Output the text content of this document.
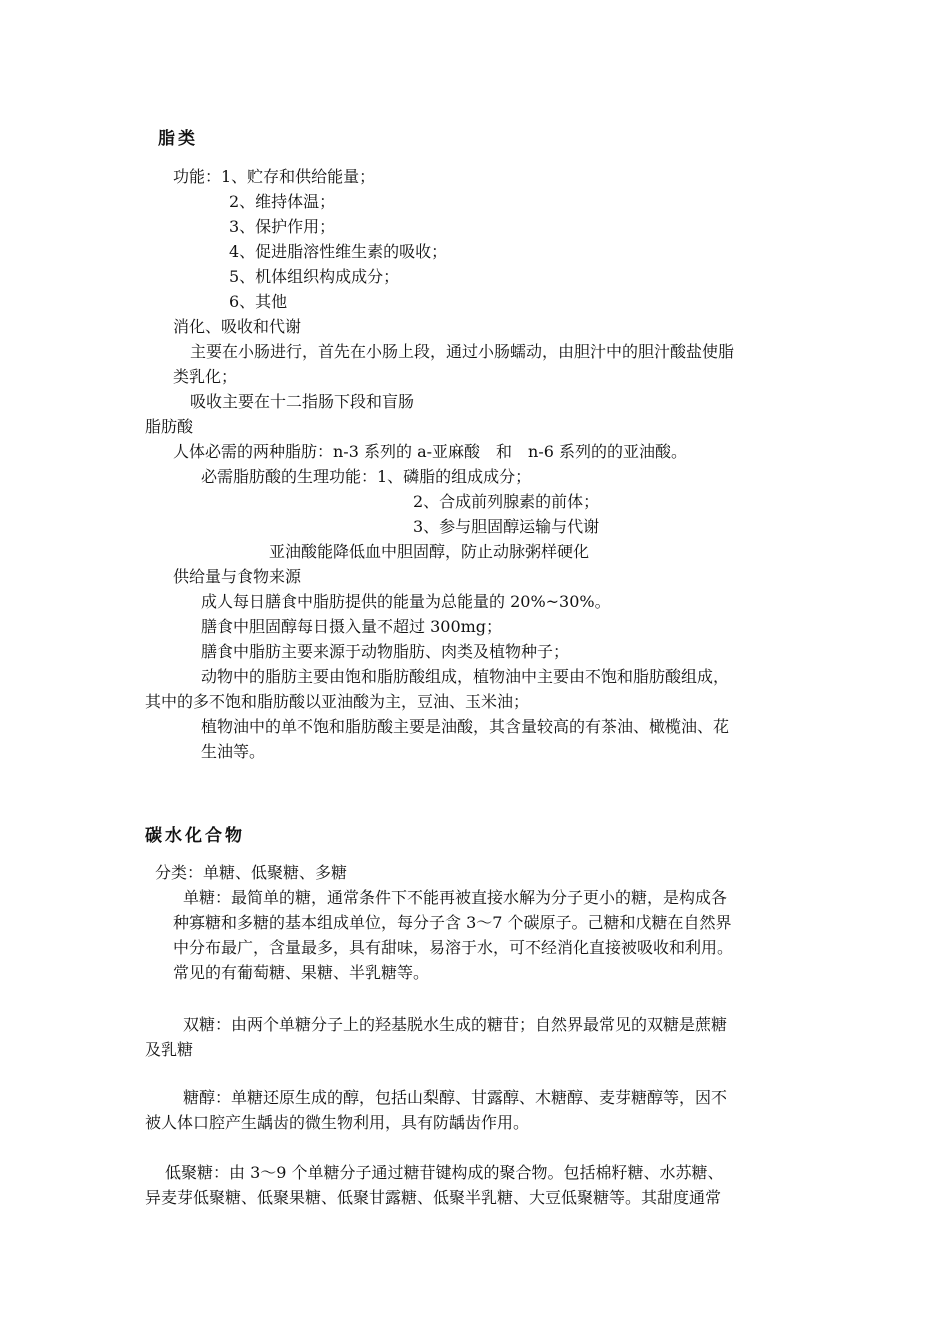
脂类
功能：1、贮存和供给能量；
2、维持体温；
3、保护作用；
4、促进脂溶性维生素的吸收；
5、机体组织构成成分；
6、其他
消化、吸收和代谢
主要在小肠进行，首先在小肠上段，通过小肠蠕动，由胆汁中的胆汁酸盐使脂
类乳化；
吸收主要在十二指肠下段和盲肠
脂肪酸
人体必需的两种脂肪：n-3 系列的 a-亚麻酸　和　n-6 系列的的亚油酸。
必需脂肪酸的生理功能：1、磷脂的组成成分；
2、合成前列腺素的前体；
3、参与胆固醇运输与代谢
亚油酸能降低血中胆固醇，防止动脉粥样硬化
供给量与食物来源
成人每日膳食中脂肪提供的能量为总能量的 20%~30%。
膳食中胆固醇每日摄入量不超过 300mg；
膳食中脂肪主要来源于动物脂肪、肉类及植物种子；
动物中的脂肪主要由饱和脂肪酸组成，植物油中主要由不饱和脂肪酸组成，
其中的多不饱和脂肪酸以亚油酸为主，豆油、玉米油；
植物油中的单不饱和脂肪酸主要是油酸，其含量较高的有茶油、橄榄油、花
生油等。
碳水化合物
分类：单糖、低聚糖、多糖
单糖：最简单的糖，通常条件下不能再被直接水解为分子更小的糖，是构成各
种寡糖和多糖的基本组成单位，每分子含 3～7 个碳原子。己糖和戊糖在自然界
中分布最广，含量最多，具有甜味，易溶于水，可不经消化直接被吸收和利用。
常见的有葡萄糖、果糖、半乳糖等。
双糖：由两个单糖分子上的羟基脱水生成的糖苷；自然界最常见的双糖是蔗糖
及乳糖
糖醇：单糖还原生成的醇，包括山梨醇、甘露醇、木糖醇、麦芽糖醇等，因不
被人体口腔产生龋齿的微生物利用，具有防龋齿作用。
低聚糖：由 3～9 个单糖分子通过糖苷键构成的聚合物。包括棉籽糖、水苏糖、
异麦芽低聚糖、低聚果糖、低聚甘露糖、低聚半乳糖、大豆低聚糖等。其甜度通常
